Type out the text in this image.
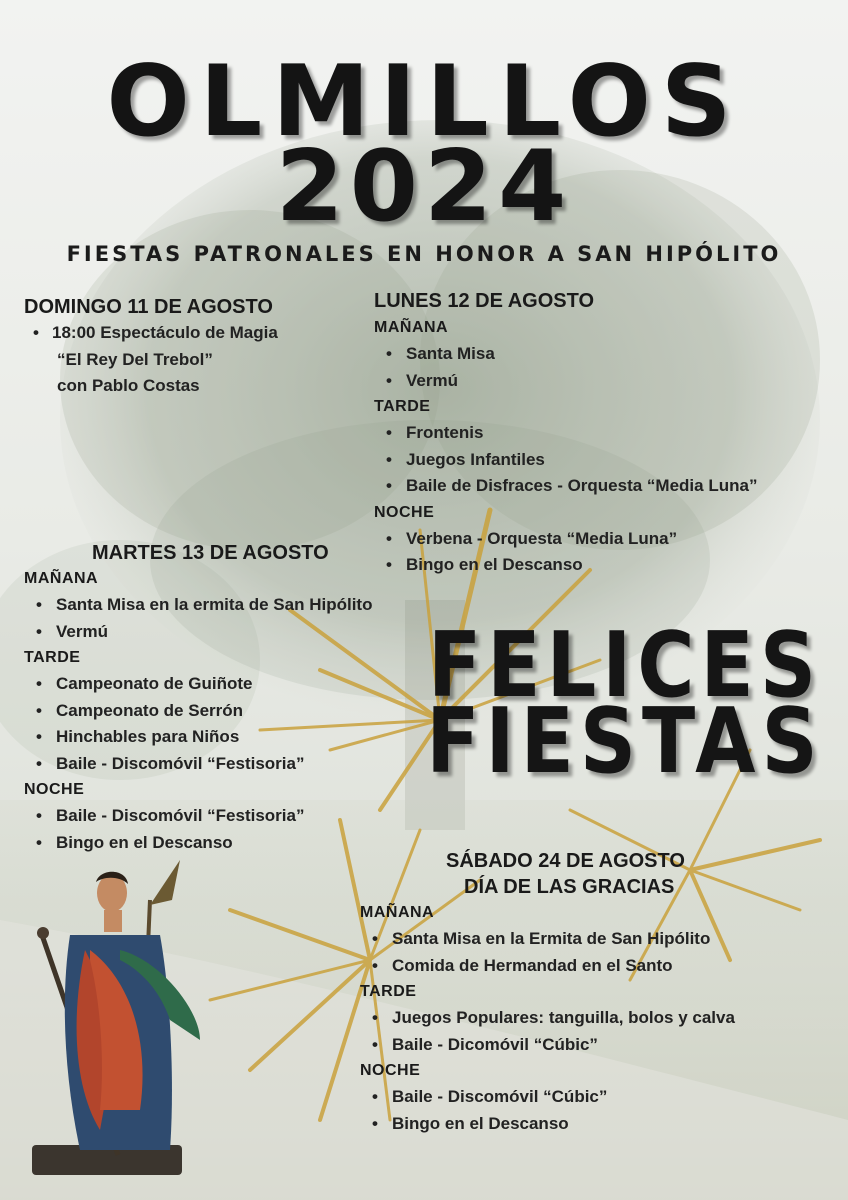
OLMILLOS
2024
FIESTAS PATRONALES EN HONOR A SAN HIPÓLITO
DOMINGO 11 DE AGOSTO
• 18:00 Espectáculo de Magia
“El Rey Del Trebol”
con Pablo Costas
LUNES 12 DE AGOSTO
MAÑANA
• Santa Misa
• Vermú
TARDE
• Frontenis
• Juegos Infantiles
• Baile de Disfraces - Orquesta “Media Luna”
NOCHE
• Verbena - Orquesta “Media Luna”
• Bingo en el Descanso
MARTES 13 DE AGOSTO
MAÑANA
• Santa Misa en la ermita de San Hipólito
• Vermú
TARDE
• Campeonato de Guiñote
• Campeonato de Serrón
• Hinchables para Niños
• Baile - Discomóvil “Festisoria”
NOCHE
• Baile - Discomóvil “Festisoria”
• Bingo en el Descanso
FELICES
FIESTAS
SÁBADO 24 DE AGOSTO
DÍA DE LAS GRACIAS
MAÑANA
• Santa Misa en la Ermita de San Hipólito
• Comida de Hermandad en el Santo
TARDE
• Juegos Populares: tanguilla, bolos y calva
• Baile - Dicomóvil “Cúbic”
NOCHE
• Baile - Discomóvil “Cúbic”
• Bingo en el Descanso
